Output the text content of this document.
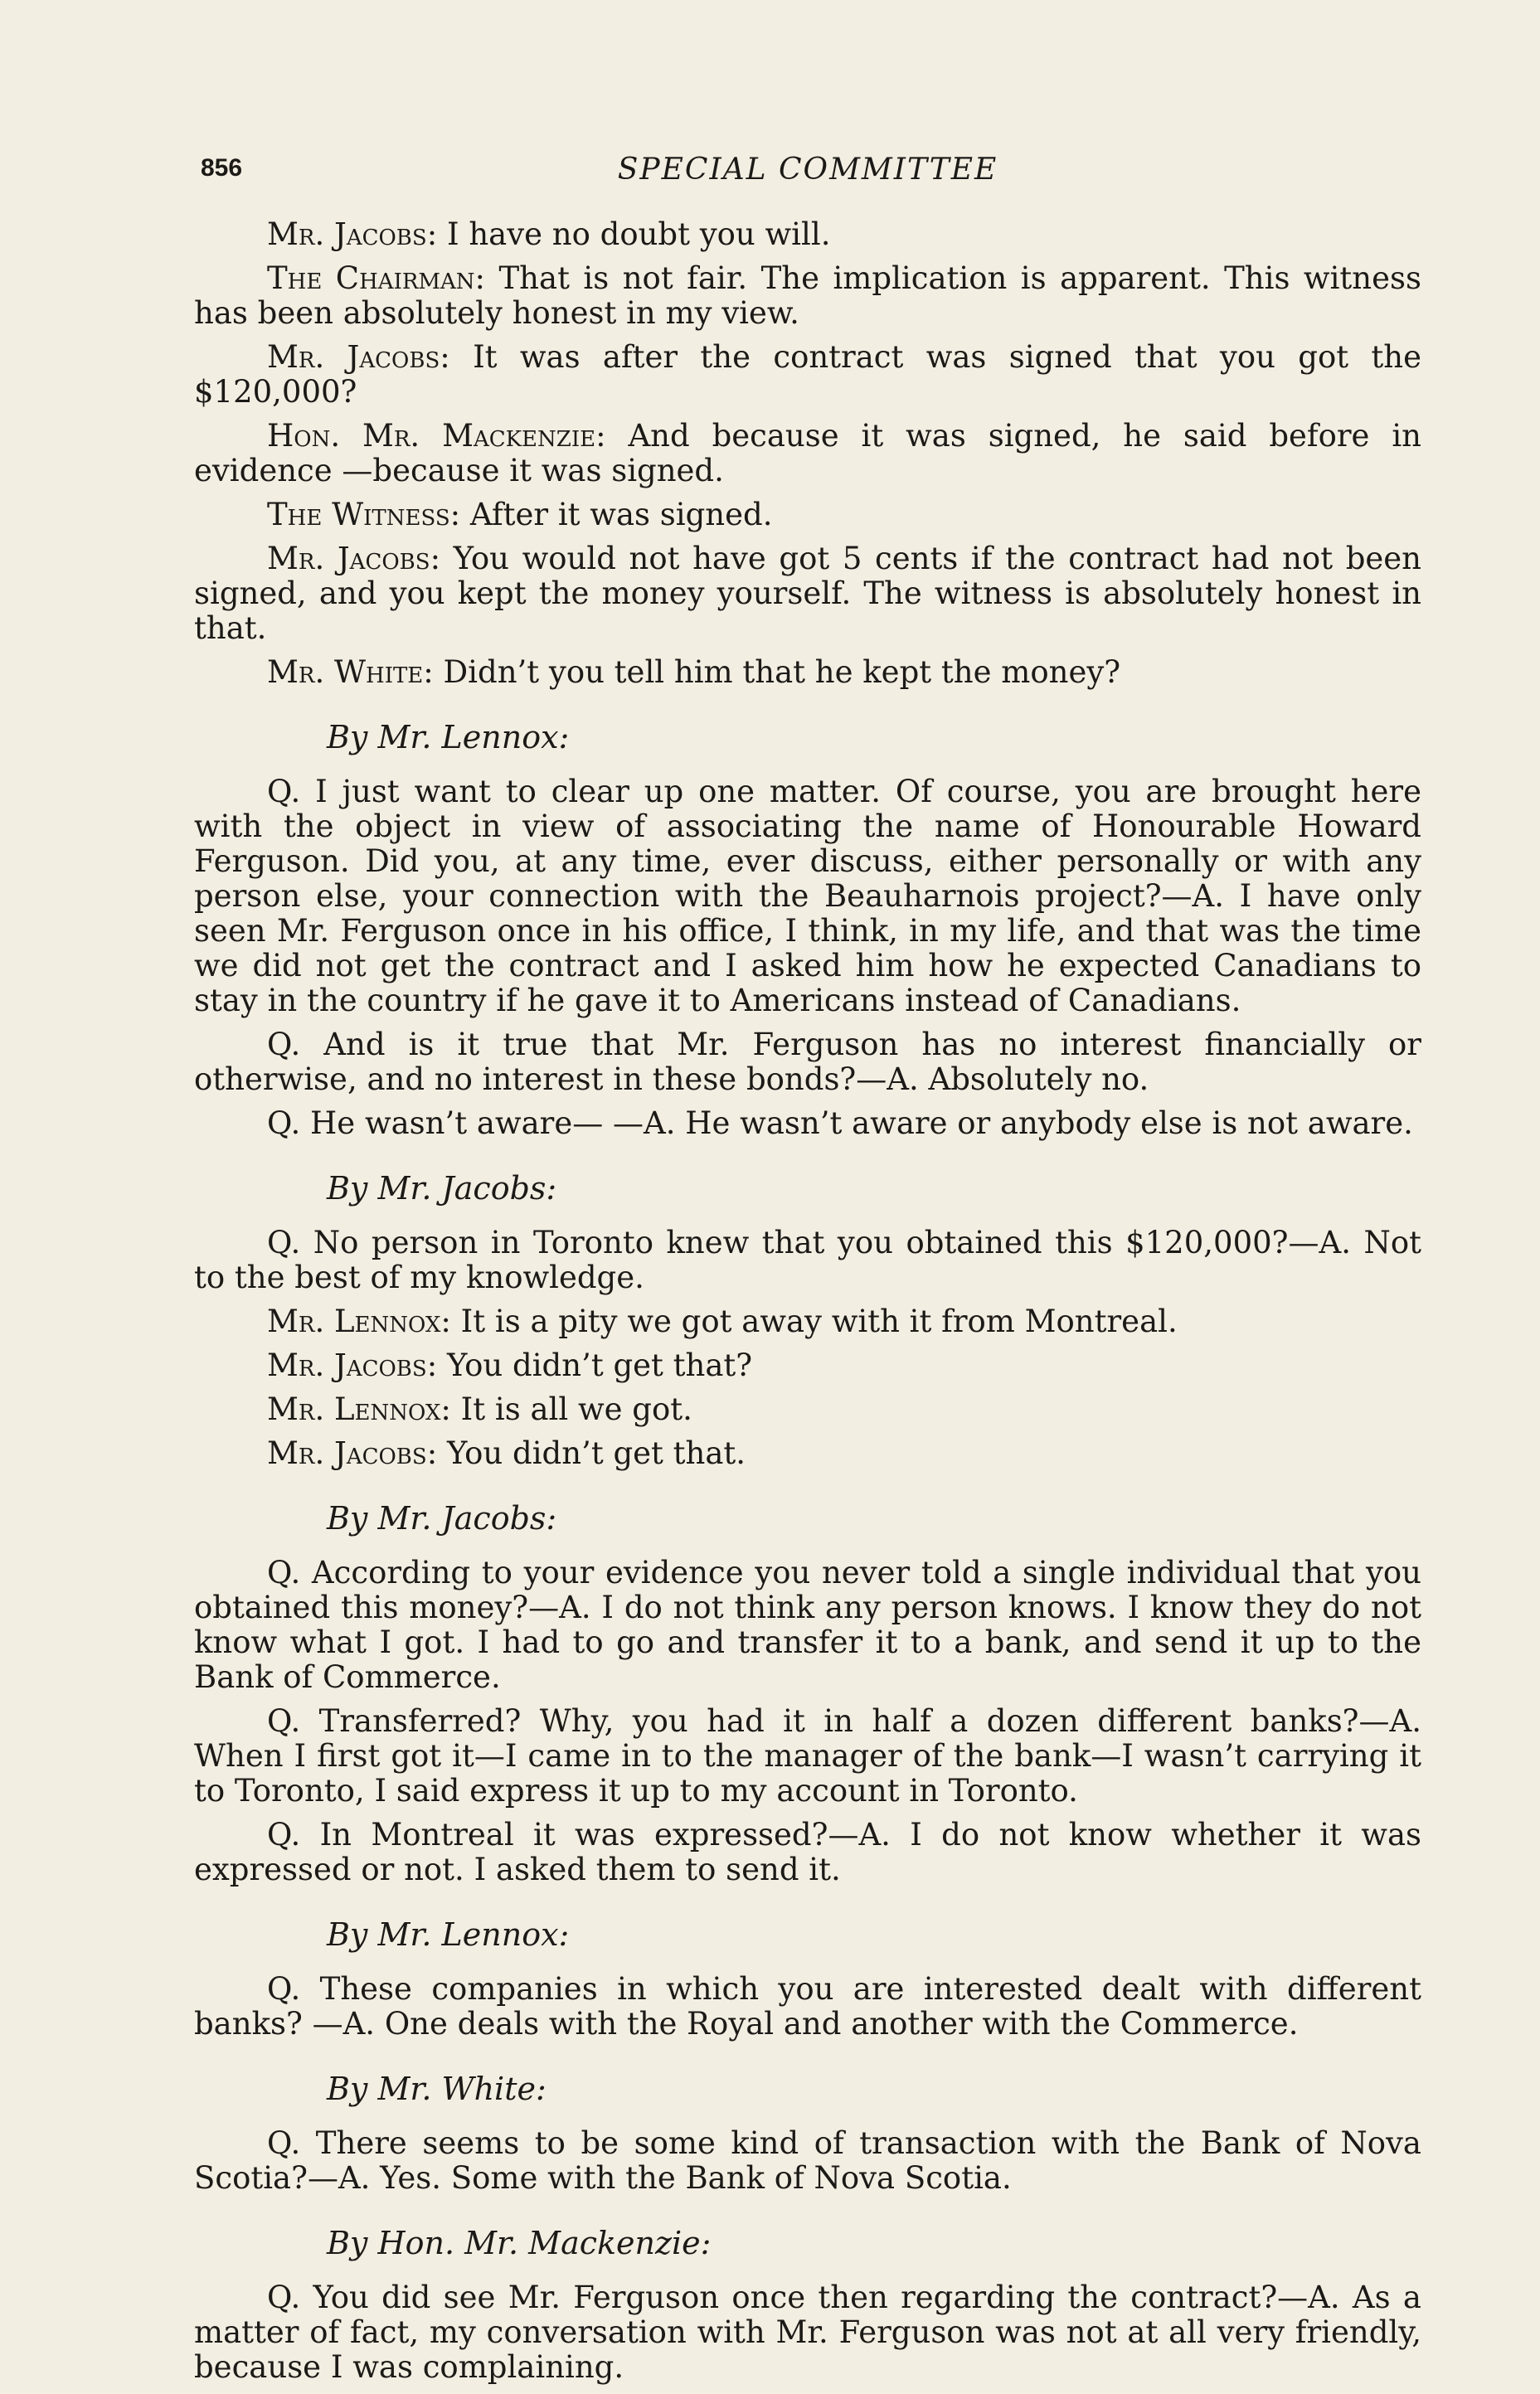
856	SPECIAL COMMITTEE

Mr. Jacobs: I have no doubt you will.

The Chairman: That is not fair. The implication is apparent. This witness has been absolutely honest in my view.

Mr. Jacobs: It was after the contract was signed that you got the $120,000?

Hon. Mr. Mackenzie: And because it was signed, he said before in evidence —because it was signed.

The Witness: After it was signed.

Mr. Jacobs: You would not have got 5 cents if the contract had not been signed, and you kept the money yourself. The witness is absolutely honest in that.

Mr. White: Didn’t you tell him that he kept the money?

By Mr. Lennox:

Q. I just want to clear up one matter. Of course, you are brought here with the object in view of associating the name of Honourable Howard Ferguson. Did you, at any time, ever discuss, either personally or with any person else, your connection with the Beauharnois project?—A. I have only seen Mr. Ferguson once in his office, I think, in my life, and that was the time we did not get the contract and I asked him how he expected Canadians to stay in the country if he gave it to Americans instead of Canadians.

Q. And is it true that Mr. Ferguson has no interest financially or otherwise, and no interest in these bonds?—A. Absolutely no.

Q. He wasn’t aware— —A. He wasn’t aware or anybody else is not aware.

By Mr. Jacobs:

Q. No person in Toronto knew that you obtained this $120,000?—A. Not to the best of my knowledge.

Mr. Lennox: It is a pity we got away with it from Montreal.

Mr. Jacobs: You didn’t get that?

Mr. Lennox: It is all we got.

Mr. Jacobs: You didn’t get that.

By Mr. Jacobs:

Q. According to your evidence you never told a single individual that you obtained this money?—A. I do not think any person knows. I know they do not know what I got. I had to go and transfer it to a bank, and send it up to the Bank of Commerce.

Q. Transferred? Why, you had it in half a dozen different banks?—A. When I first got it—I came in to the manager of the bank—I wasn’t carrying it to Toronto, I said express it up to my account in Toronto.

Q. In Montreal it was expressed?—A. I do not know whether it was expressed or not. I asked them to send it.

By Mr. Lennox:

Q. These companies in which you are interested dealt with different banks? —A. One deals with the Royal and another with the Commerce.

By Mr. White:

Q. There seems to be some kind of transaction with the Bank of Nova Scotia?—A. Yes. Some with the Bank of Nova Scotia.

By Hon. Mr. Mackenzie:

Q. You did see Mr. Ferguson once then regarding the contract?—A. As a matter of fact, my conversation with Mr. Ferguson was not at all very friendly, because I was complaining.
